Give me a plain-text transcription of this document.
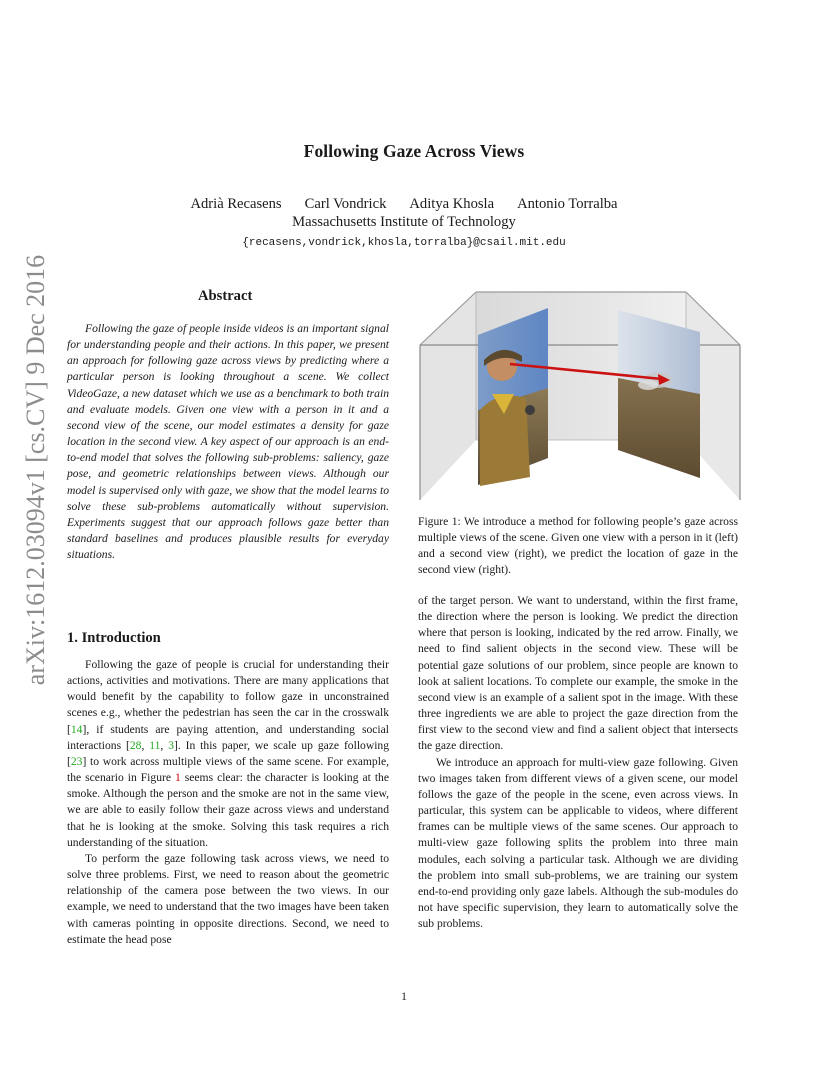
Following Gaze Across Views
Adrià Recasens Carl Vondrick Aditya Khosla Antonio Torralba
Massachusetts Institute of Technology
{recasens,vondrick,khosla,torralba}@csail.mit.edu
arXiv:1612.03094v1 [cs.CV] 9 Dec 2016	Abstract

Following the gaze of people inside videos is an important signal for understanding people and their actions. In this paper, we present an approach for following gaze across views by predicting where a particular person is looking throughout a scene. We collect VideoGaze, a new dataset which we use as a benchmark to both train and evaluate models. Given one view with a person in it and a second view of the scene, our model estimates a density for gaze location in the second view. A key aspect of our approach is an end-to-end model that solves the following sub-problems: saliency, gaze pose, and geometric relationships between views. Although our model is supervised only with gaze, we show that the model learns to solve these sub-problems automatically without supervision. Experiments suggest that our approach follows gaze better than standard baselines and produces plausible results for everyday situations.

1. Introduction

Following the gaze of people is crucial for understanding their actions, activities and motivations. There are many applications that would benefit by the capability to follow gaze in unconstrained scenes e.g., whether the pedestrian has seen the car in the crosswalk [14], if students are paying attention, and understanding social interactions [28, 11, 3]. In this paper, we scale up gaze following [23] to work across multiple views of the same scene. For example, the scenario in Figure 1 seems clear: the character is looking at the smoke. Although the person and the smoke are not in the same view, we are able to easily follow their gaze across views and understand that he is looking at the smoke. Solving this task requires a rich understanding of the situation.

To perform the gaze following task across views, we need to solve three problems. First, we need to reason about the geometric relationship of the camera pose between the two views. In our example, we need to understand that the two images have been taken with cameras pointing in opposite directions. Second, we need to estimate the head pose

Figure 1: We introduce a method for following people’s gaze across multiple views of the scene. Given one view with a person in it (left) and a second view (right), we predict the location of gaze in the second view (right).

of the target person. We want to understand, within the first frame, the direction where the person is looking. We predict the direction where that person is looking, indicated by the red arrow. Finally, we need to find salient objects in the second view. These will be potential gaze solutions of our problem, since people are known to look at salient locations. To complete our example, the smoke in the second view is an example of a salient spot in the image. With these three ingredients we are able to project the gaze direction from the first view to the second view and find a salient object that intersects the gaze direction.

We introduce an approach for multi-view gaze following. Given two images taken from different views of a given scene, our model follows the gaze of the people in the scene, even across views. In particular, this system can be applicable to videos, where different frames can be multiple views of the same scenes. Our approach to multi-view gaze following splits the problem into three main modules, each solving a particular task. Although we are dividing the problem into small sub-problems, we are training our system end-to-end providing only gaze labels. Although the sub-modules do not have specific supervision, they learn to automatically solve the sub problems.

1
